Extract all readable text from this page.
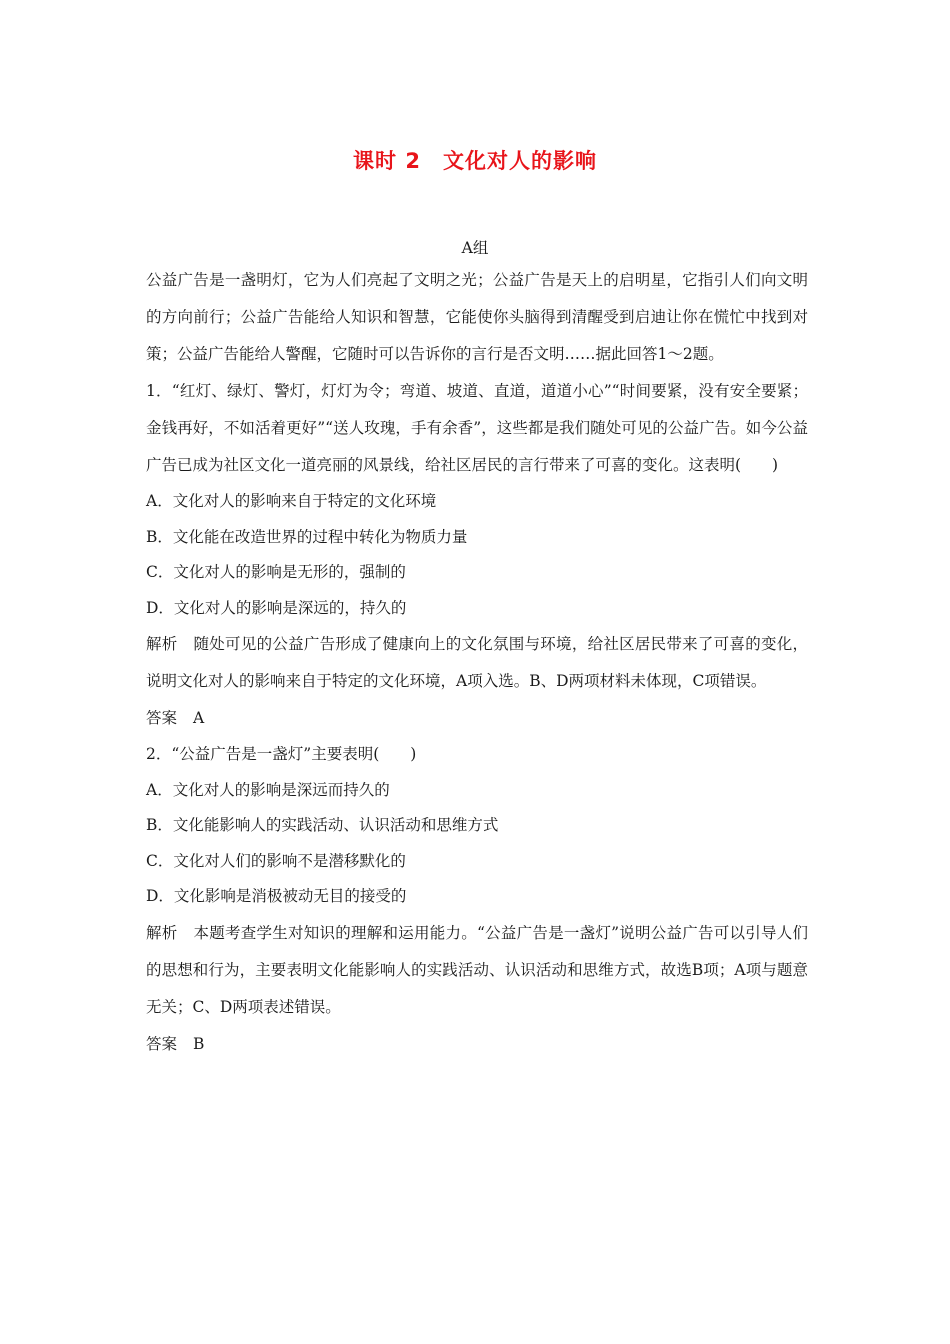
课时 2 文化对人的影响
A组

公益广告是一盏明灯，它为人们亮起了文明之光；公益广告是天上的启明星，它指引人们向文明的方向前行；公益广告能给人知识和智慧，它能使你头脑得到清醒受到启迪让你在慌忙中找到对策；公益广告能给人警醒，它随时可以告诉你的言行是否文明……据此回答1～2题。

1．“红灯、绿灯、警灯，灯灯为令；弯道、坡道、直道，道道小心”“时间要紧，没有安全要紧；金钱再好，不如活着更好”“送人玫瑰，手有余香”，这些都是我们随处可见的公益广告。如今公益广告已成为社区文化一道亮丽的风景线，给社区居民的言行带来了可喜的变化。这表明(　　)

A．文化对人的影响来自于特定的文化环境

B．文化能在改造世界的过程中转化为物质力量

C．文化对人的影响是无形的，强制的

D．文化对人的影响是深远的，持久的

解析 随处可见的公益广告形成了健康向上的文化氛围与环境，给社区居民带来了可喜的变化，说明文化对人的影响来自于特定的文化环境，A项入选。B、D两项材料未体现，C项错误。

答案 A

2．“公益广告是一盏灯”主要表明(　　)

A．文化对人的影响是深远而持久的

B．文化能影响人的实践活动、认识活动和思维方式

C．文化对人们的影响不是潜移默化的

D．文化影响是消极被动无目的接受的

解析 本题考查学生对知识的理解和运用能力。“公益广告是一盏灯”说明公益广告可以引导人们的思想和行为，主要表明文化能影响人的实践活动、认识活动和思维方式，故选B项；A项与题意无关；C、D两项表述错误。

答案 B
